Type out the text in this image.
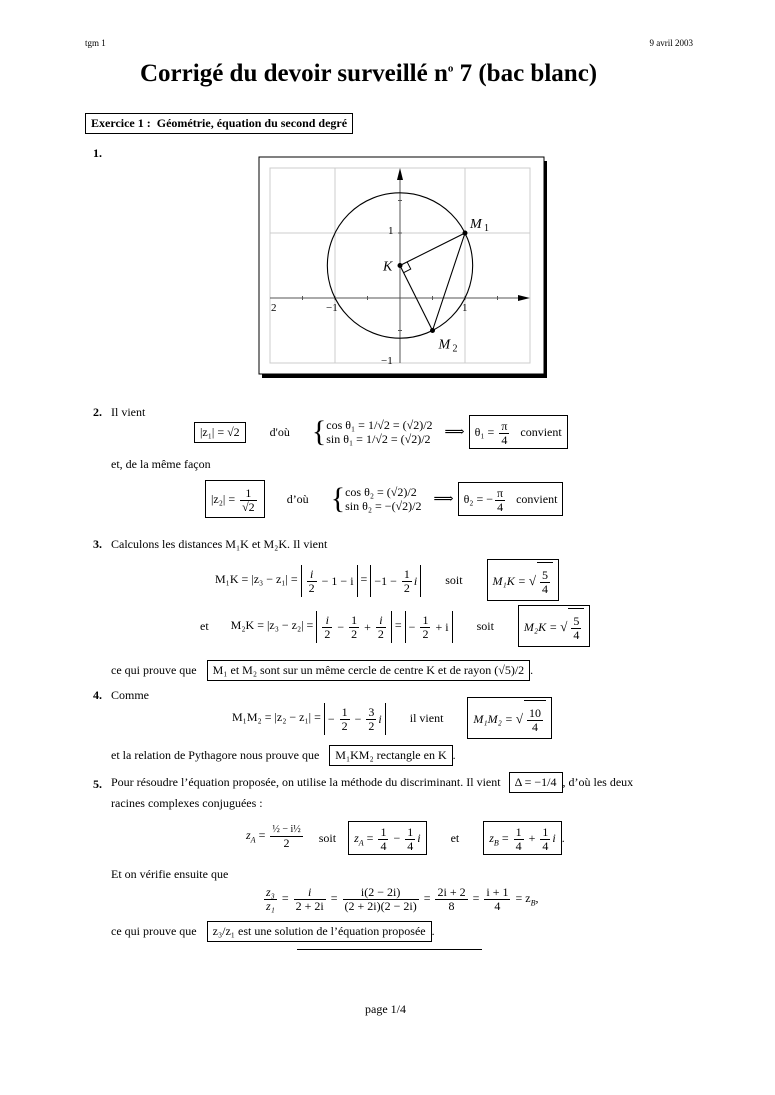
tgm 1	9 avril 2003
Corrigé du devoir surveillé $n^o$ 7 (bac blanc)
Exercice 1 : Géométrie, équation du second degré
1.
2	−1	1
1
−1
K
M 1
M 2
2. Il vient
|z₁| = √2	d'où {cos θ₁ = 1/√2 = (√2)/2
sin θ₁ = 1/√2 = (√2)/2 ⟹ $\theta_1 = \frac{\pi}{4}$ convient
et, de la même façon
$|z_2| = \frac{1}{√2}$	d’où {cos θ₂ = (√2)/2
sin θ₂ = −(√2)/2 ⟹ θ₂ = − $\frac{\pi}{4}$ convient
3. Calculons les distances M₁K et M₂K. Il vient
$M_1K = |z_3 - z_1| = \frac{i}{2} - 1 - i = -1 - \frac{1}{2}$ i	soit	M₁K = √ $\frac{5}{4}$
et $M_2K = |z_3 - z_2| = \frac{i}{2} - \frac{1}{2} + \frac{i}{2}$ = − $\frac{1}{2} + i$	soit	M₂K = √ $\frac{5}{4}$
ce qui prouve que	M₁ et M₂ sont sur un même cercle de centre K et de rayon (√5)/2 .
4. Comme
M₁M₂ = |z₂ − z₁| = − $\frac{1}{2} - \frac{3}{2}$ i	il vient	M₁M₂ = √ $\frac{10}{4}$
et la relation de Pythagore nous prouve que	M₁KM₂ rectangle en K .
5. Pour résoudre l’équation proposée, on utilise la méthode du discriminant. Il vient	Δ = −1/4 , d’où les deux
racines complexes conjuguées :
$z_A = \frac{\text{½ − i½}}{2}$ soit	$z_A = \frac{1}{4} - \frac{1}{4}$ i	et	$z_B = \frac{1}{4} + \frac{1}{4}$ i .
Et on vérifie ensuite que
$\frac{\text{z₃}}{\text{z₁}} = \frac{i}{2 + 2i} = \frac{i(2 - 2i)}{(2 + 2i)(2 - 2i)} = \frac{2i + 2}{8} = \frac{i + 1}{4} = z_B$,
ce qui prouve que	z₃/z₁ est une solution de l’équation proposée .
page 1/4
